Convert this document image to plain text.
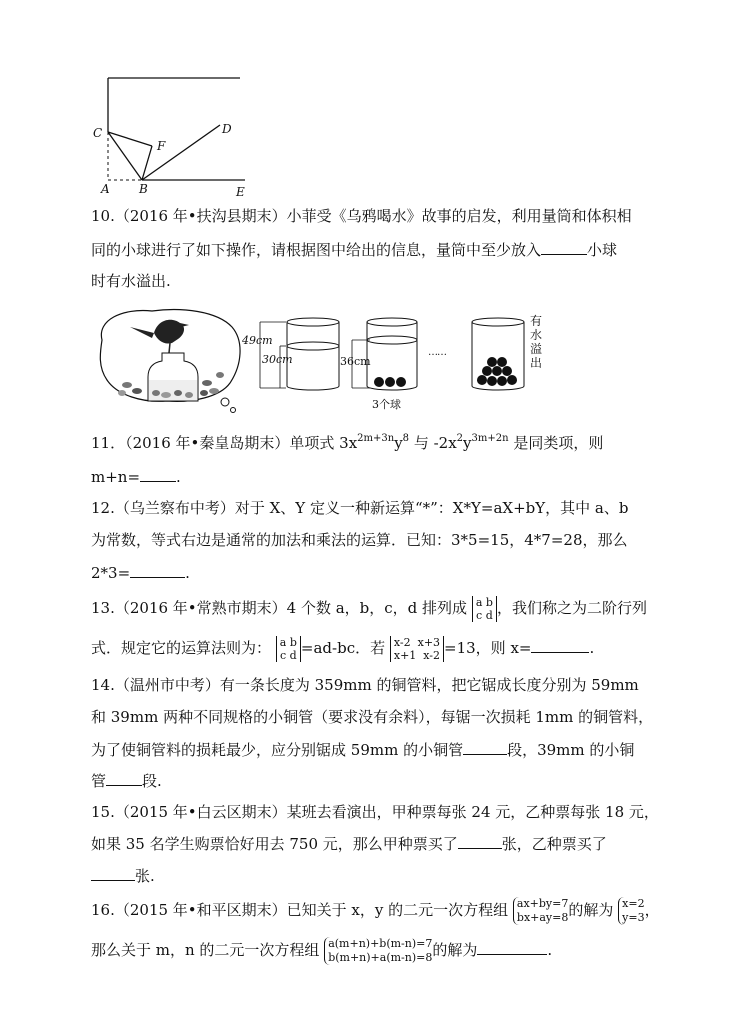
C
F
D
A B	E
10.（2016 年•扶沟县期末）小菲受《乌鸦喝水》故事的启发，利用量筒和体积相
同的小球进行了如下操作，请根据图中给出的信息，量筒中至少放入	小球
时有水溢出.
49cm
30cm	36cm
3个球
……
有
水
溢
出
11．（2016 年•秦皇岛期末）单项式 $3x^{2m+3n}y^8$ 与 $-2x^2y^{3m+2n}$ 是同类项，则
m+n= .
12.（乌兰察布中考）对于 X、Y 定义一种新运算“*”：X*Y=aX+bY，其中 a、b
为常数，等式右边是通常的加法和乘法的运算．已知：3*5=15，4*7=28，那么
2*3=	.
13.（2016 年•常熟市期末）4 个数 a，b，c，d 排列成 a b
c d ，我们称之为二阶行列
式．规定它的运算法则为： a b
c d =ad-bc．若 x-2 x+3
x+1 x-2 =13，则 x=	.
14.（温州市中考）有一条长度为 359mm 的铜管料，把它锯成长度分别为 59mm
和 39mm 两种不同规格的小铜管（要求没有余料），每锯一次损耗 1mm 的铜管料，
为了使铜管料的损耗最少，应分别锯成 59mm 的小铜管	段，39mm 的小铜
管 段.
15.（2015 年•白云区期末）某班去看演出，甲种票每张 24 元，乙种票每张 18 元，
如果 35 名学生购票恰好用去 750 元，那么甲种票买了	张，乙种票买了
张.
16.（2015 年•和平区期末）已知关于 x，y 的二元一次方程组 ax+by=7
bx+ay=8的解为 x=2
y=3，
那么关于 m，n 的二元一次方程组 a(m+n)+b(m-n)=7
b(m+n)+a(m-n)=8的解为	.
